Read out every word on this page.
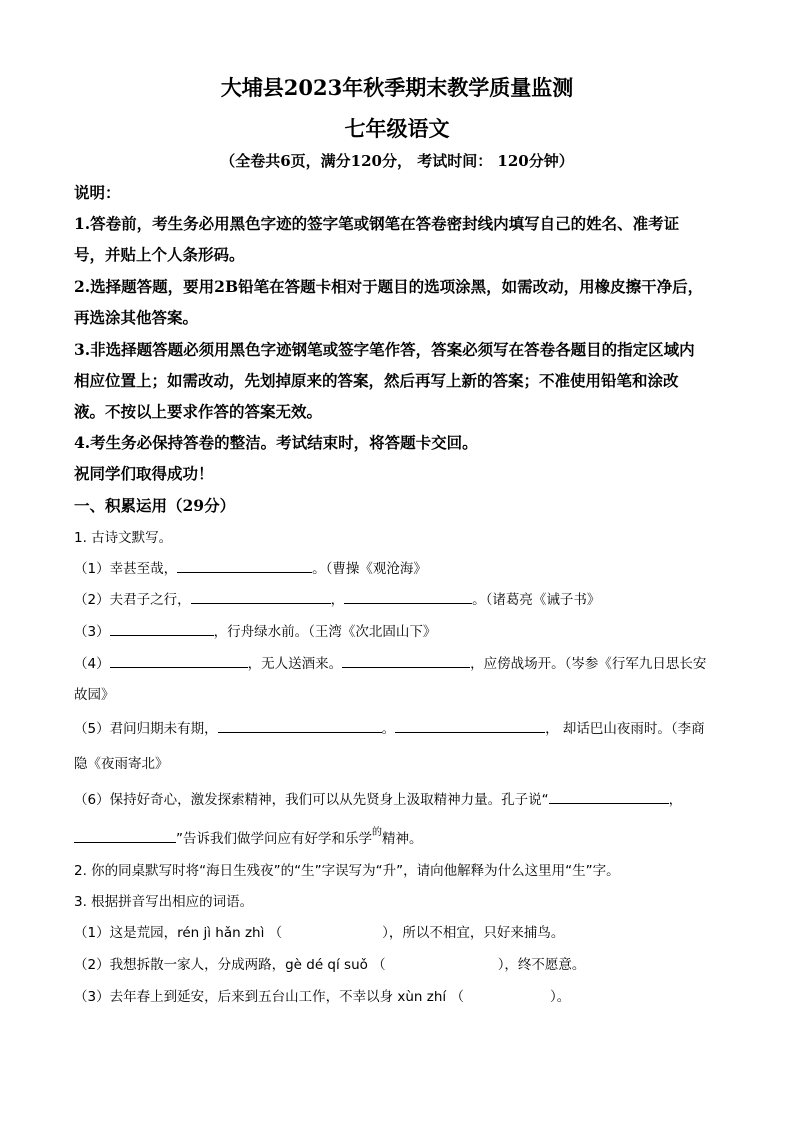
大埔县2023年秋季期末教学质量监测
七年级语文
（全卷共6页，满分120分， 考试时间： 120分钟）
说明：
1.答卷前，考生务必用黑色字迹的签字笔或钢笔在答卷密封线内填写自己的姓名、准考证
号，并贴上个人条形码。
2.选择题答题，要用2B铅笔在答题卡相对于题目的选项涂黑，如需改动，用橡皮擦干净后，
再选涂其他答案。
3.非选择题答题必须用黑色字迹钢笔或签字笔作答，答案必须写在答卷各题目的指定区域内
相应位置上；如需改动，先划掉原来的答案，然后再写上新的答案；不准使用铅笔和涂改
液。不按以上要求作答的答案无效。
4.考生务必保持答卷的整洁。考试结束时，将答题卡交回。
祝同学们取得成功！
一、积累运用（29分）
1. 古诗文默写。
（1）幸甚至哉，	。（曹操《观沧海》
（2）夫君子之行，	，	。（诸葛亮《诫子书》
（3）	，行舟绿水前。（王湾《次北固山下》
（4）	，无人送酒来。	，应傍战场开。（岑参《行军九日思长安
故园》
（5）君问归期未有期，	。	， 却话巴山夜雨时。（李商
隐《夜雨寄北》
（6）保持好奇心，激发探索精神，我们可以从先贤身上汲取精神力量。孔子说“	，
”告诉我们做学问应有好学和乐学$^的$精神。
2. 你的同桌默写时将“海日生残夜”的“生”字误写为“升”，请向他解释为什么这里用“生”字。
3. 根据拼音写出相应的词语。
（1）这是荒园，rén jì hǎn zhì （	），所以不相宜，只好来捕鸟。
（2）我想拆散一家人，分成两路，gè dé qí suǒ （	），终不愿意。
（3）去年春上到延安，后来到五台山工作，不幸以身 xùn zhí （	）。
